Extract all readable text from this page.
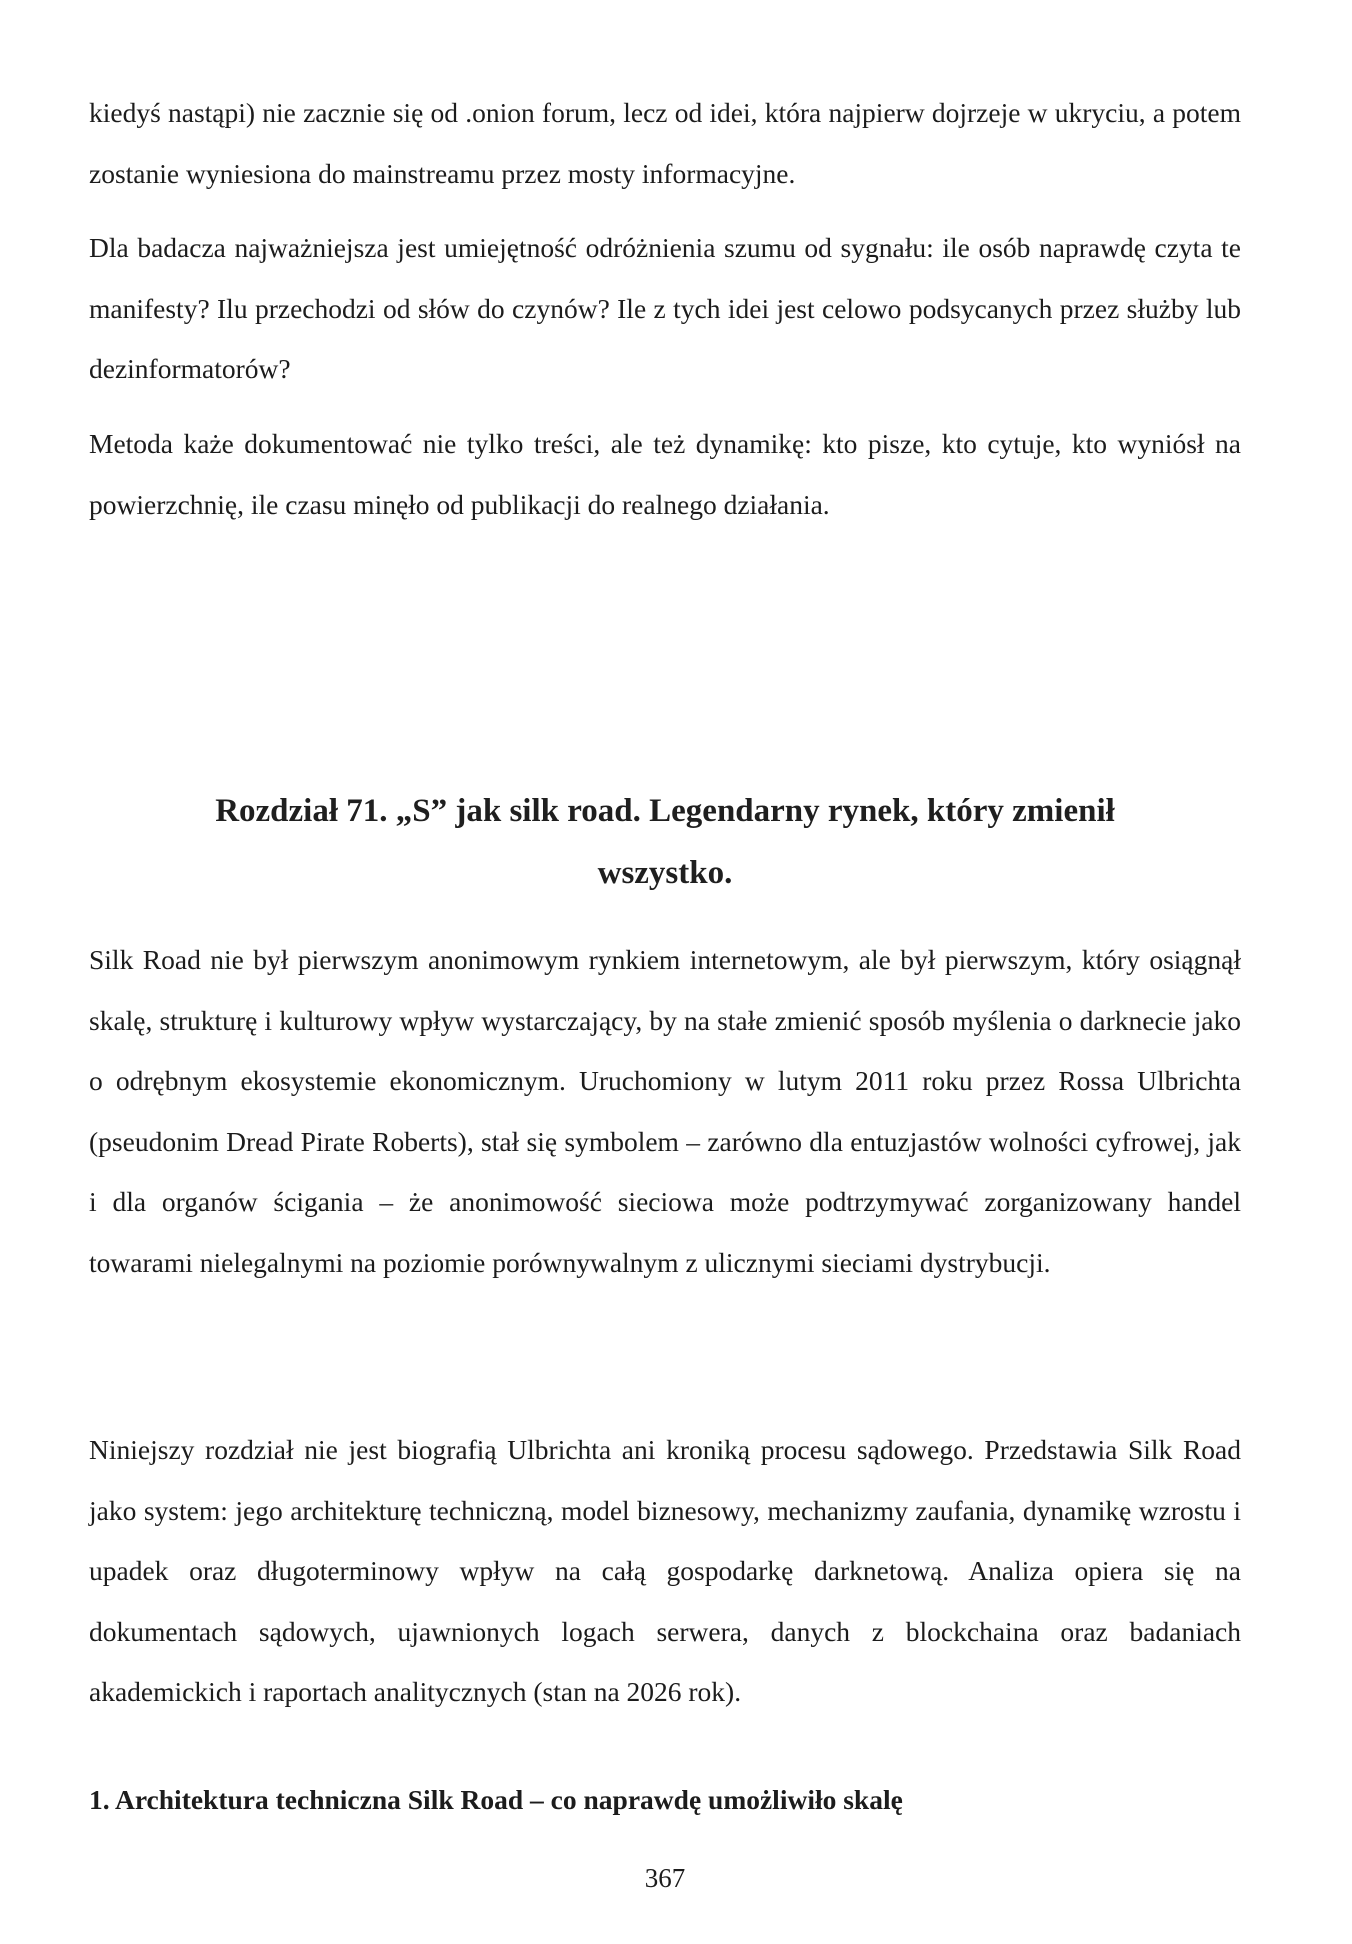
kiedyś nastąpi) nie zacznie się od .onion forum, lecz od idei, która najpierw dojrzeje w ukryciu, a potem zostanie wyniesiona do mainstreamu przez mosty informacyjne.

Dla badacza najważniejsza jest umiejętność odróżnienia szumu od sygnału: ile osób naprawdę czyta te manifesty? Ilu przechodzi od słów do czynów? Ile z tych idei jest celowo podsycanych przez służby lub dezinformatorów?

Metoda każe dokumentować nie tylko treści, ale też dynamikę: kto pisze, kto cytuje, kto wyniósł na powierzchnię, ile czasu minęło od publikacji do realnego działania.

Rozdział 71. „S” jak silk road. Legendarny rynek, który zmienił
wszystko.

Silk Road nie był pierwszym anonimowym rynkiem internetowym, ale był pierwszym, który osiągnął skalę, strukturę i kulturowy wpływ wystarczający, by na stałe zmienić sposób myślenia o darknecie jako o odrębnym ekosystemie ekonomicznym. Uruchomiony w lutym 2011 roku przez Rossa Ulbrichta (pseudonim Dread Pirate Roberts), stał się symbolem – zarówno dla entuzjastów wolności cyfrowej, jak i dla organów ścigania – że anonimowość sieciowa może podtrzymywać zorganizowany handel towarami nielegalnymi na poziomie porównywalnym z ulicznymi sieciami dystrybucji.

Niniejszy rozdział nie jest biografią Ulbrichta ani kroniką procesu sądowego. Przedstawia Silk Road jako system: jego architekturę techniczną, model biznesowy, mechanizmy zaufania, dynamikę wzrostu i upadek oraz długoterminowy wpływ na całą gospodarkę darknetową. Analiza opiera się na dokumentach sądowych, ujawnionych logach serwera, danych z blockchaina oraz badaniach akademickich i raportach analitycznych (stan na 2026 rok).

1. Architektura techniczna Silk Road – co naprawdę umożliwiło skalę
367
